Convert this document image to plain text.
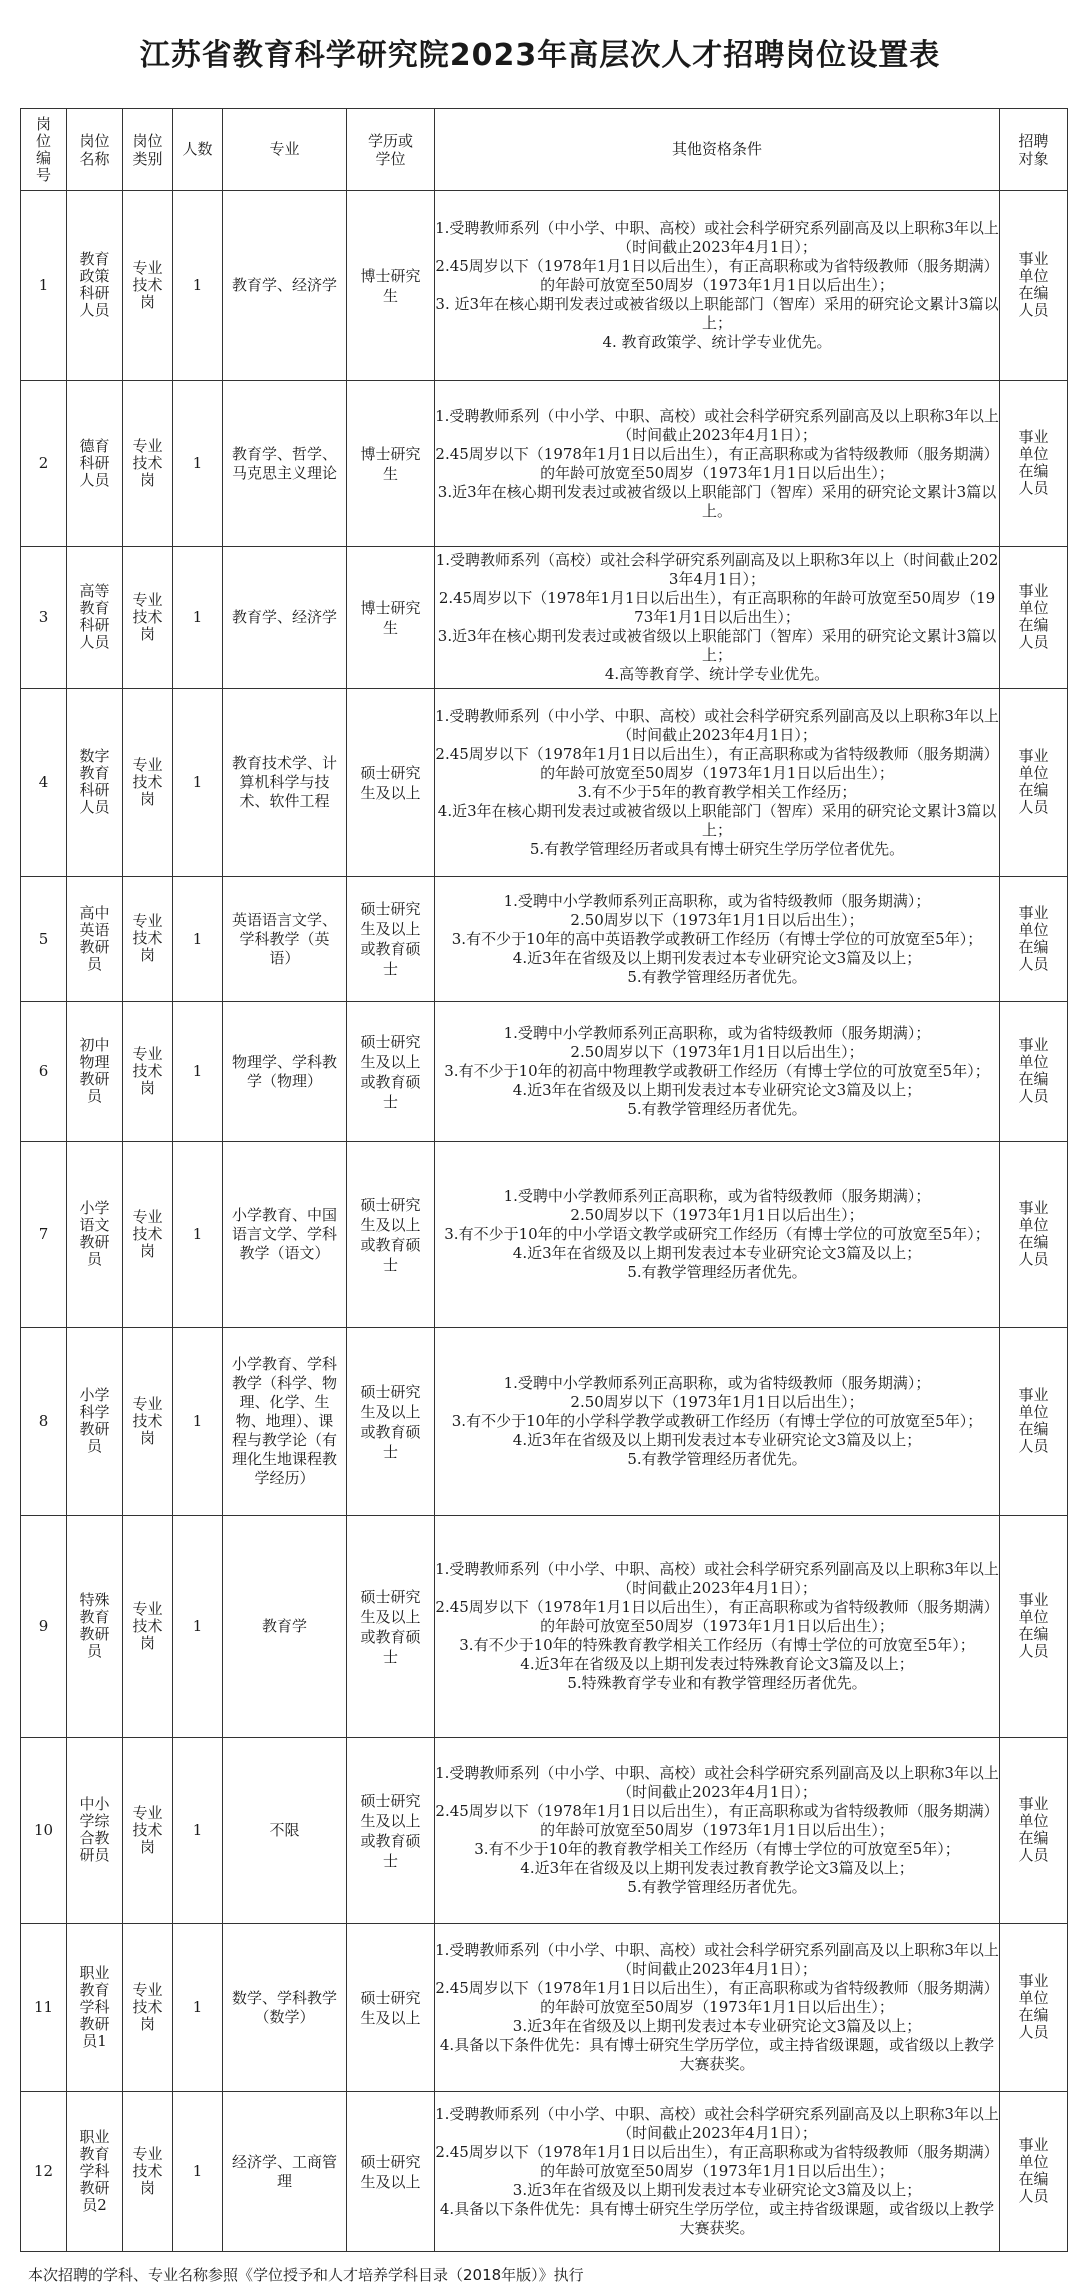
江苏省教育科学研究院2023年高层次人才招聘岗位设置表
岗位编号	岗位名称	岗位类别	人数	专业	学历或学位	其他资格条件	招聘对象
1	教育政策科研人员	专业技术岗	1	教育学、经济学	博士研究生	1.受聘教师系列（中小学、中职、高校）或社会科学研究系列副高及以上职称3年以上（时间截止2023年4月1日）；
2.45周岁以下（1978年1月1日以后出生），有正高职称或为省特级教师（服务期满）的年龄可放宽至50周岁（1973年1月1日以后出生）；
3. 近3年在核心期刊发表过或被省级以上职能部门（智库）采用的研究论文累计3篇以上；
4. 教育政策学、统计学专业优先。	事业单位在编人员
2	德育科研人员	专业技术岗	1	教育学、哲学、马克思主义理论	博士研究生	1.受聘教师系列（中小学、中职、高校）或社会科学研究系列副高及以上职称3年以上（时间截止2023年4月1日）；
2.45周岁以下（1978年1月1日以后出生），有正高职称或为省特级教师（服务期满）的年龄可放宽至50周岁（1973年1月1日以后出生）；
3.近3年在核心期刊发表过或被省级以上职能部门（智库）采用的研究论文累计3篇以上。	事业单位在编人员
3	高等教育科研人员	专业技术岗	1	教育学、经济学	博士研究生	1.受聘教师系列（高校）或社会科学研究系列副高及以上职称3年以上（时间截止2023年4月1日）；
2.45周岁以下（1978年1月1日以后出生），有正高职称的年龄可放宽至50周岁（1973年1月1日以后出生）；
3.近3年在核心期刊发表过或被省级以上职能部门（智库）采用的研究论文累计3篇以上；
4.高等教育学、统计学专业优先。	事业单位在编人员
4	数字教育科研人员	专业技术岗	1	教育技术学、计算机科学与技术、软件工程	硕士研究生及以上	1.受聘教师系列（中小学、中职、高校）或社会科学研究系列副高及以上职称3年以上（时间截止2023年4月1日）；
2.45周岁以下（1978年1月1日以后出生），有正高职称或为省特级教师（服务期满）的年龄可放宽至50周岁（1973年1月1日以后出生）；
3.有不少于5年的教育教学相关工作经历；
4.近3年在核心期刊发表过或被省级以上职能部门（智库）采用的研究论文累计3篇以上；
5.有教学管理经历者或具有博士研究生学历学位者优先。	事业单位在编人员
5	高中英语教研员	专业技术岗	1	英语语言文学、学科教学（英语）	硕士研究生及以上或教育硕士	1.受聘中小学教师系列正高职称，或为省特级教师（服务期满）；
2.50周岁以下（1973年1月1日以后出生）；
3.有不少于10年的高中英语教学或教研工作经历（有博士学位的可放宽至5年）；
4.近3年在省级及以上期刊发表过本专业研究论文3篇及以上；
5.有教学管理经历者优先。	事业单位在编人员
6	初中物理教研员	专业技术岗	1	物理学、学科教学（物理）	硕士研究生及以上或教育硕士	1.受聘中小学教师系列正高职称，或为省特级教师（服务期满）；
2.50周岁以下（1973年1月1日以后出生）；
3.有不少于10年的初高中物理教学或教研工作经历（有博士学位的可放宽至5年）；
4.近3年在省级及以上期刊发表过本专业研究论文3篇及以上；
5.有教学管理经历者优先。	事业单位在编人员
7	小学语文教研员	专业技术岗	1	小学教育、中国语言文学、学科教学（语文）	硕士研究生及以上或教育硕士	1.受聘中小学教师系列正高职称，或为省特级教师（服务期满）；
2.50周岁以下（1973年1月1日以后出生）；
3.有不少于10年的中小学语文教学或研究工作经历（有博士学位的可放宽至5年）；
4.近3年在省级及以上期刊发表过本专业研究论文3篇及以上；
5.有教学管理经历者优先。	事业单位在编人员
8	小学科学教研员	专业技术岗	1	小学教育、学科教学（科学、物理、化学、生物、地理）、课程与教学论（有理化生地课程教学经历）	硕士研究生及以上或教育硕士	1.受聘中小学教师系列正高职称，或为省特级教师（服务期满）；
2.50周岁以下（1973年1月1日以后出生）；
3.有不少于10年的小学科学教学或教研工作经历（有博士学位的可放宽至5年）；
4.近3年在省级及以上期刊发表过本专业研究论文3篇及以上；
5.有教学管理经历者优先。	事业单位在编人员
9	特殊教育教研员	专业技术岗	1	教育学	硕士研究生及以上或教育硕士	1.受聘教师系列（中小学、中职、高校）或社会科学研究系列副高及以上职称3年以上（时间截止2023年4月1日）；
2.45周岁以下（1978年1月1日以后出生），有正高职称或为省特级教师（服务期满）的年龄可放宽至50周岁（1973年1月1日以后出生）；
3.有不少于10年的特殊教育教学相关工作经历（有博士学位的可放宽至5年）；
4.近3年在省级及以上期刊发表过特殊教育论文3篇及以上；
5.特殊教育学专业和有教学管理经历者优先。	事业单位在编人员
10	中小学综合教研员	专业技术岗	1	不限	硕士研究生及以上或教育硕士	1.受聘教师系列（中小学、中职、高校）或社会科学研究系列副高及以上职称3年以上（时间截止2023年4月1日）；
2.45周岁以下（1978年1月1日以后出生），有正高职称或为省特级教师（服务期满）的年龄可放宽至50周岁（1973年1月1日以后出生）；
3.有不少于10年的教育教学相关工作经历（有博士学位的可放宽至5年）；
4.近3年在省级及以上期刊发表过教育教学论文3篇及以上；
5.有教学管理经历者优先。	事业单位在编人员
11	职业教育学科教研员1	专业技术岗	1	数学、学科教学（数学）	硕士研究生及以上	1.受聘教师系列（中小学、中职、高校）或社会科学研究系列副高及以上职称3年以上（时间截止2023年4月1日）；
2.45周岁以下（1978年1月1日以后出生），有正高职称或为省特级教师（服务期满）的年龄可放宽至50周岁（1973年1月1日以后出生）；
3.近3年在省级及以上期刊发表过本专业研究论文3篇及以上；
4.具备以下条件优先：具有博士研究生学历学位，或主持省级课题，或省级以上教学大赛获奖。	事业单位在编人员
12	职业教育学科教研员2	专业技术岗	1	经济学、工商管理	硕士研究生及以上	1.受聘教师系列（中小学、中职、高校）或社会科学研究系列副高及以上职称3年以上（时间截止2023年4月1日）；
2.45周岁以下（1978年1月1日以后出生），有正高职称或为省特级教师（服务期满）的年龄可放宽至50周岁（1973年1月1日以后出生）；
3.近3年在省级及以上期刊发表过本专业研究论文3篇及以上；
4.具备以下条件优先：具有博士研究生学历学位，或主持省级课题，或省级以上教学大赛获奖。	事业单位在编人员
本次招聘的学科、专业名称参照《学位授予和人才培养学科目录（2018年版）》执行
